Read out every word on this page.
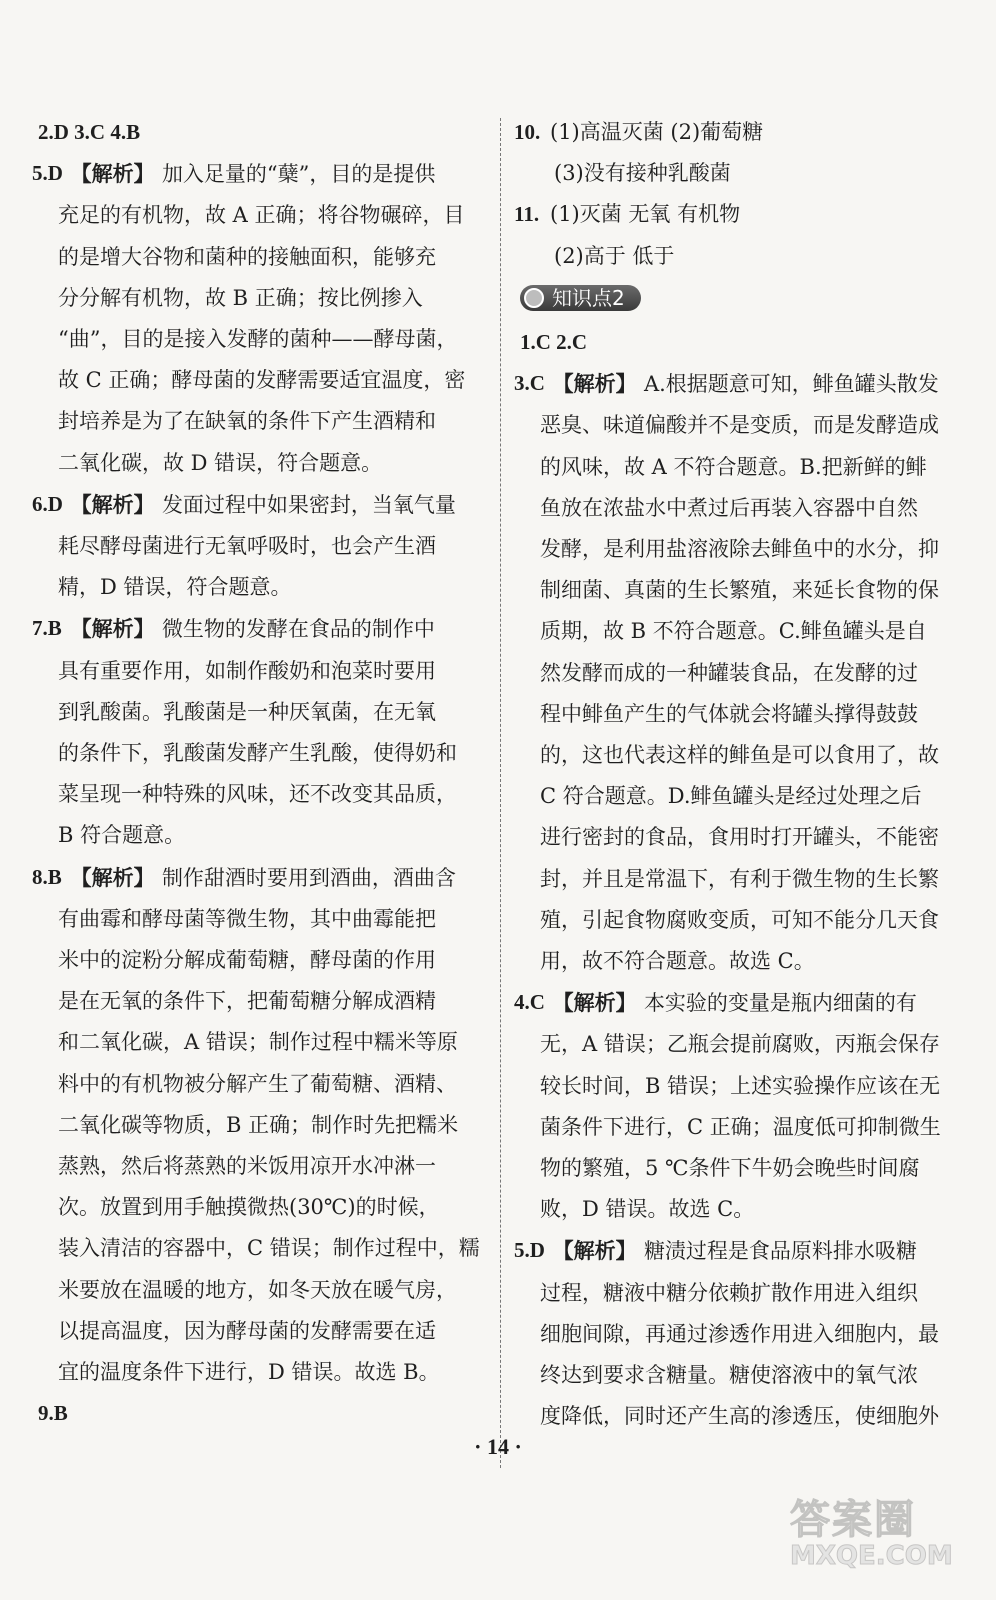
2.D 3.C 4.B

5.D 【解析】 加入足量的“蘖”，目的是提供

充足的有机物，故 A 正确；将谷物碾碎，目

的是增大谷物和菌种的接触面积，能够充

分分解有机物，故 B 正确；按比例掺入

“曲”，目的是接入发酵的菌种——酵母菌，

故 C 正确；酵母菌的发酵需要适宜温度，密

封培养是为了在缺氧的条件下产生酒精和

二氧化碳，故 D 错误，符合题意。

6.D 【解析】 发面过程中如果密封，当氧气量

耗尽酵母菌进行无氧呼吸时，也会产生酒

精，D 错误，符合题意。

7.B 【解析】 微生物的发酵在食品的制作中

具有重要作用，如制作酸奶和泡菜时要用

到乳酸菌。乳酸菌是一种厌氧菌，在无氧

的条件下，乳酸菌发酵产生乳酸，使得奶和

菜呈现一种特殊的风味，还不改变其品质，

B 符合题意。

8.B 【解析】 制作甜酒时要用到酒曲，酒曲含

有曲霉和酵母菌等微生物，其中曲霉能把

米中的淀粉分解成葡萄糖，酵母菌的作用

是在无氧的条件下，把葡萄糖分解成酒精

和二氧化碳，A 错误；制作过程中糯米等原

料中的有机物被分解产生了葡萄糖、酒精、

二氧化碳等物质，B 正确；制作时先把糯米

蒸熟，然后将蒸熟的米饭用凉开水冲淋一

次。放置到用手触摸微热(30℃)的时候，

装入清洁的容器中，C 错误；制作过程中，糯

米要放在温暖的地方，如冬天放在暖气房，

以提高温度，因为酵母菌的发酵需要在适

宜的温度条件下进行，D 错误。故选 B。

9.B

10. (1)高温灭菌 (2)葡萄糖

(3)没有接种乳酸菌

11. (1)灭菌 无氧 有机物

(2)高于 低于

知识点2

1.C 2.C

3.C 【解析】 A.根据题意可知，鲱鱼罐头散发

恶臭、味道偏酸并不是变质，而是发酵造成

的风味，故 A 不符合题意。B.把新鲜的鲱

鱼放在浓盐水中煮过后再装入容器中自然

发酵，是利用盐溶液除去鲱鱼中的水分，抑

制细菌、真菌的生长繁殖，来延长食物的保

质期，故 B 不符合题意。C.鲱鱼罐头是自

然发酵而成的一种罐装食品，在发酵的过

程中鲱鱼产生的气体就会将罐头撑得鼓鼓

的，这也代表这样的鲱鱼是可以食用了，故

C 符合题意。D.鲱鱼罐头是经过处理之后

进行密封的食品，食用时打开罐头，不能密

封，并且是常温下，有利于微生物的生长繁

殖，引起食物腐败变质，可知不能分几天食

用，故不符合题意。故选 C。

4.C 【解析】 本实验的变量是瓶内细菌的有

无，A 错误；乙瓶会提前腐败，丙瓶会保存

较长时间，B 错误；上述实验操作应该在无

菌条件下进行，C 正确；温度低可抑制微生

物的繁殖，5 ℃条件下牛奶会晚些时间腐

败，D 错误。故选 C。

5.D 【解析】 糖渍过程是食品原料排水吸糖

过程，糖液中糖分依赖扩散作用进入组织

细胞间隙，再通过渗透作用进入细胞内，最

终达到要求含糖量。糖使溶液中的氧气浓

度降低，同时还产生高的渗透压，使细胞外

· 14 ·
答案圈
MXQE.COM
